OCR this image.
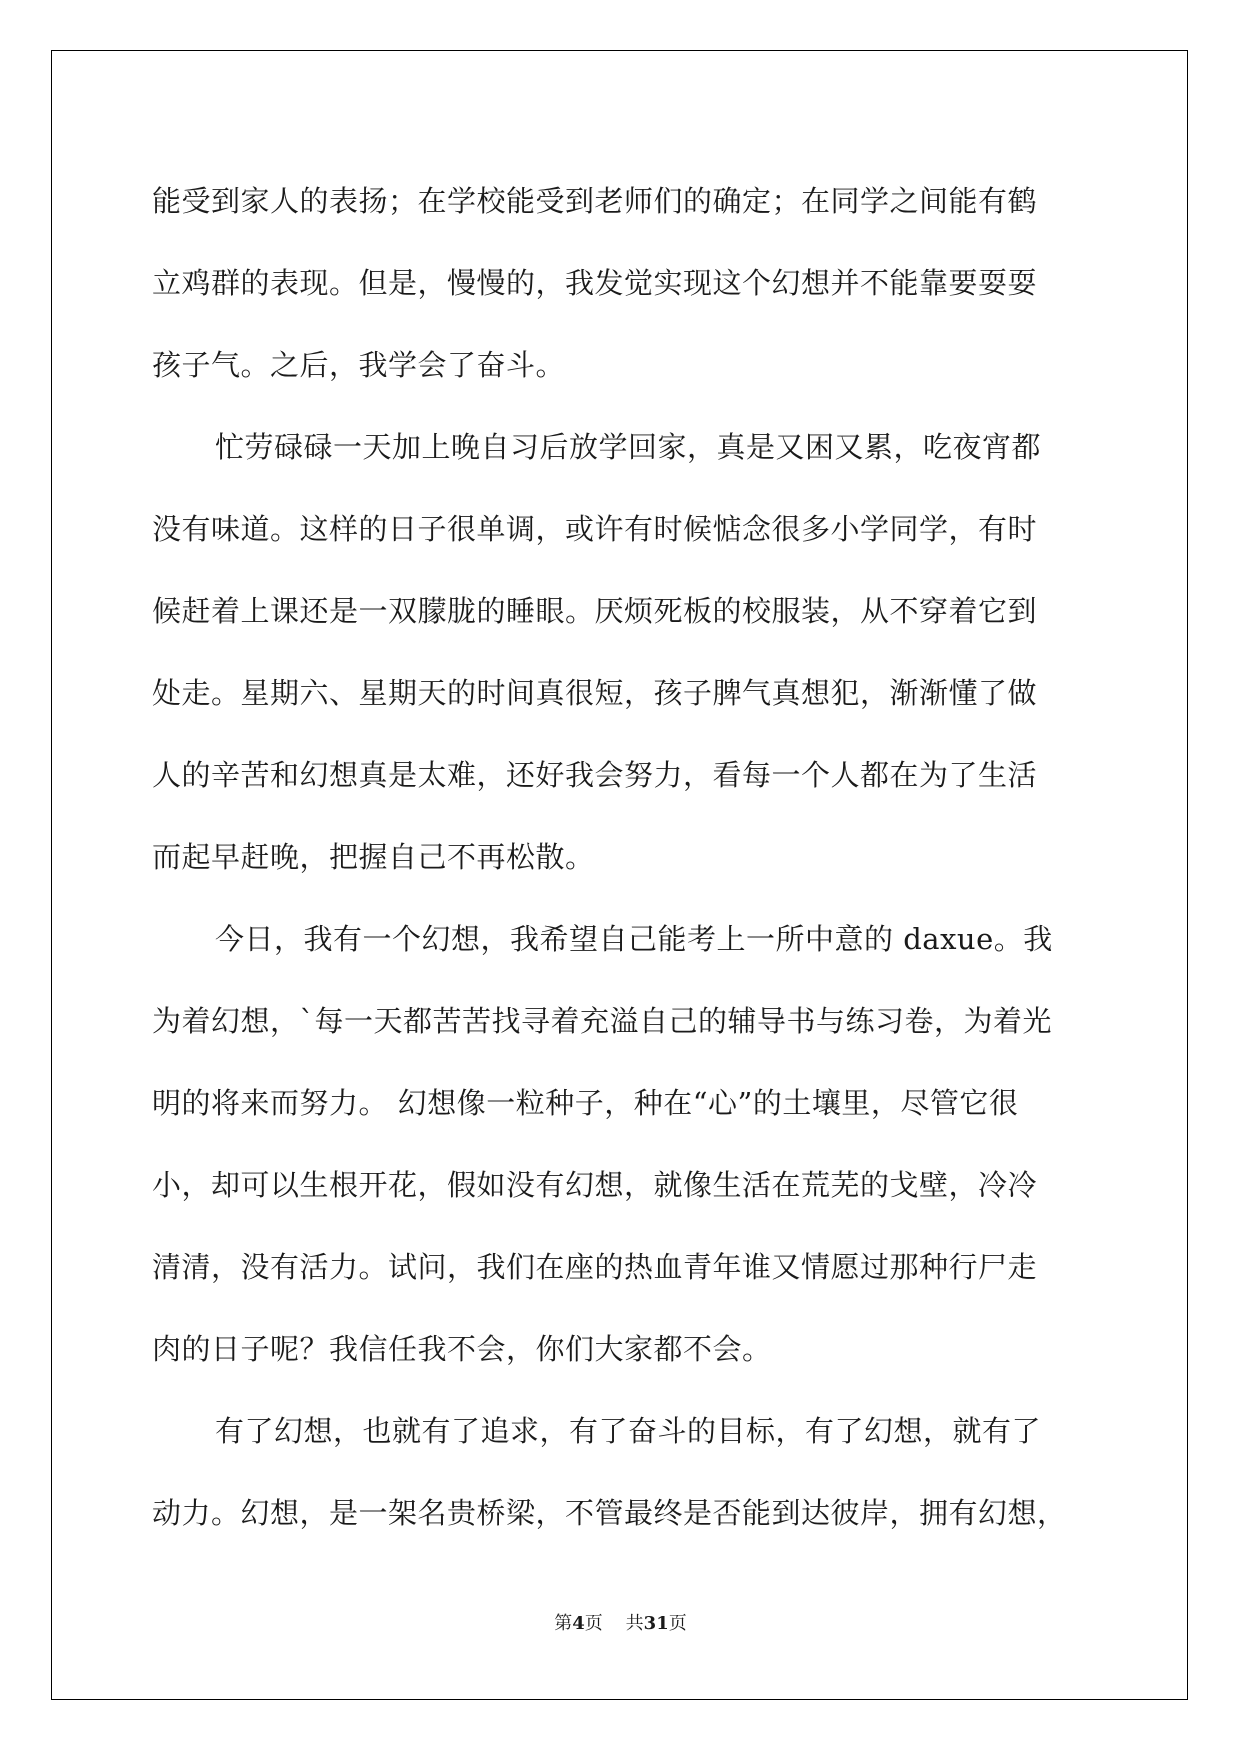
能受到家人的表扬；在学校能受到老师们的确定；在同学之间能有鹤
立鸡群的表现。但是，慢慢的，我发觉实现这个幻想并不能靠要耍耍
孩子气。之后，我学会了奋斗。

忙劳碌碌一天加上晚自习后放学回家，真是又困又累，吃夜宵都
没有味道。这样的日子很单调，或许有时候惦念很多小学同学，有时
候赶着上课还是一双朦胧的睡眼。厌烦死板的校服装，从不穿着它到
处走。星期六、星期天的时间真很短，孩子脾气真想犯，渐渐懂了做
人的辛苦和幻想真是太难，还好我会努力，看每一个人都在为了生活
而起早赶晚，把握自己不再松散。

今日，我有一个幻想，我希望自己能考上一所中意的 daxue。我
为着幻想，`每一天都苦苦找寻着充溢自己的辅导书与练习卷，为着光
明的将来而努力。 幻想像一粒种子，种在“心”的土壤里，尽管它很
小，却可以生根开花，假如没有幻想，就像生活在荒芜的戈壁，冷冷
清清，没有活力。试问，我们在座的热血青年谁又情愿过那种行尸走
肉的日子呢？我信任我不会，你们大家都不会。

有了幻想，也就有了追求，有了奋斗的目标，有了幻想，就有了
动力。幻想，是一架名贵桥梁，不管最终是否能到达彼岸，拥有幻想，

第4页 共31页
